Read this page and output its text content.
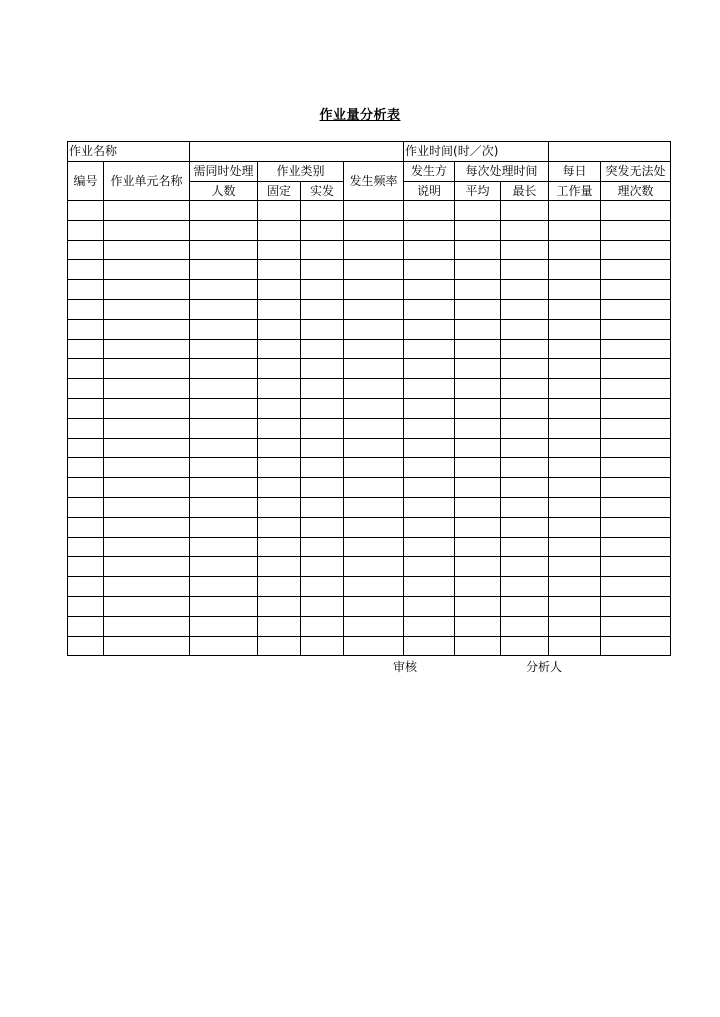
作业量分析表
作业名称						作业时间(时／次)				
编号	作业单元名称	需同时处理	作业类别		发生频率	发生方	每次处理时间		每日	突发无法处
		人数	固定	实发		说明	平均	最长	工作量	理次数

审核	分析人
